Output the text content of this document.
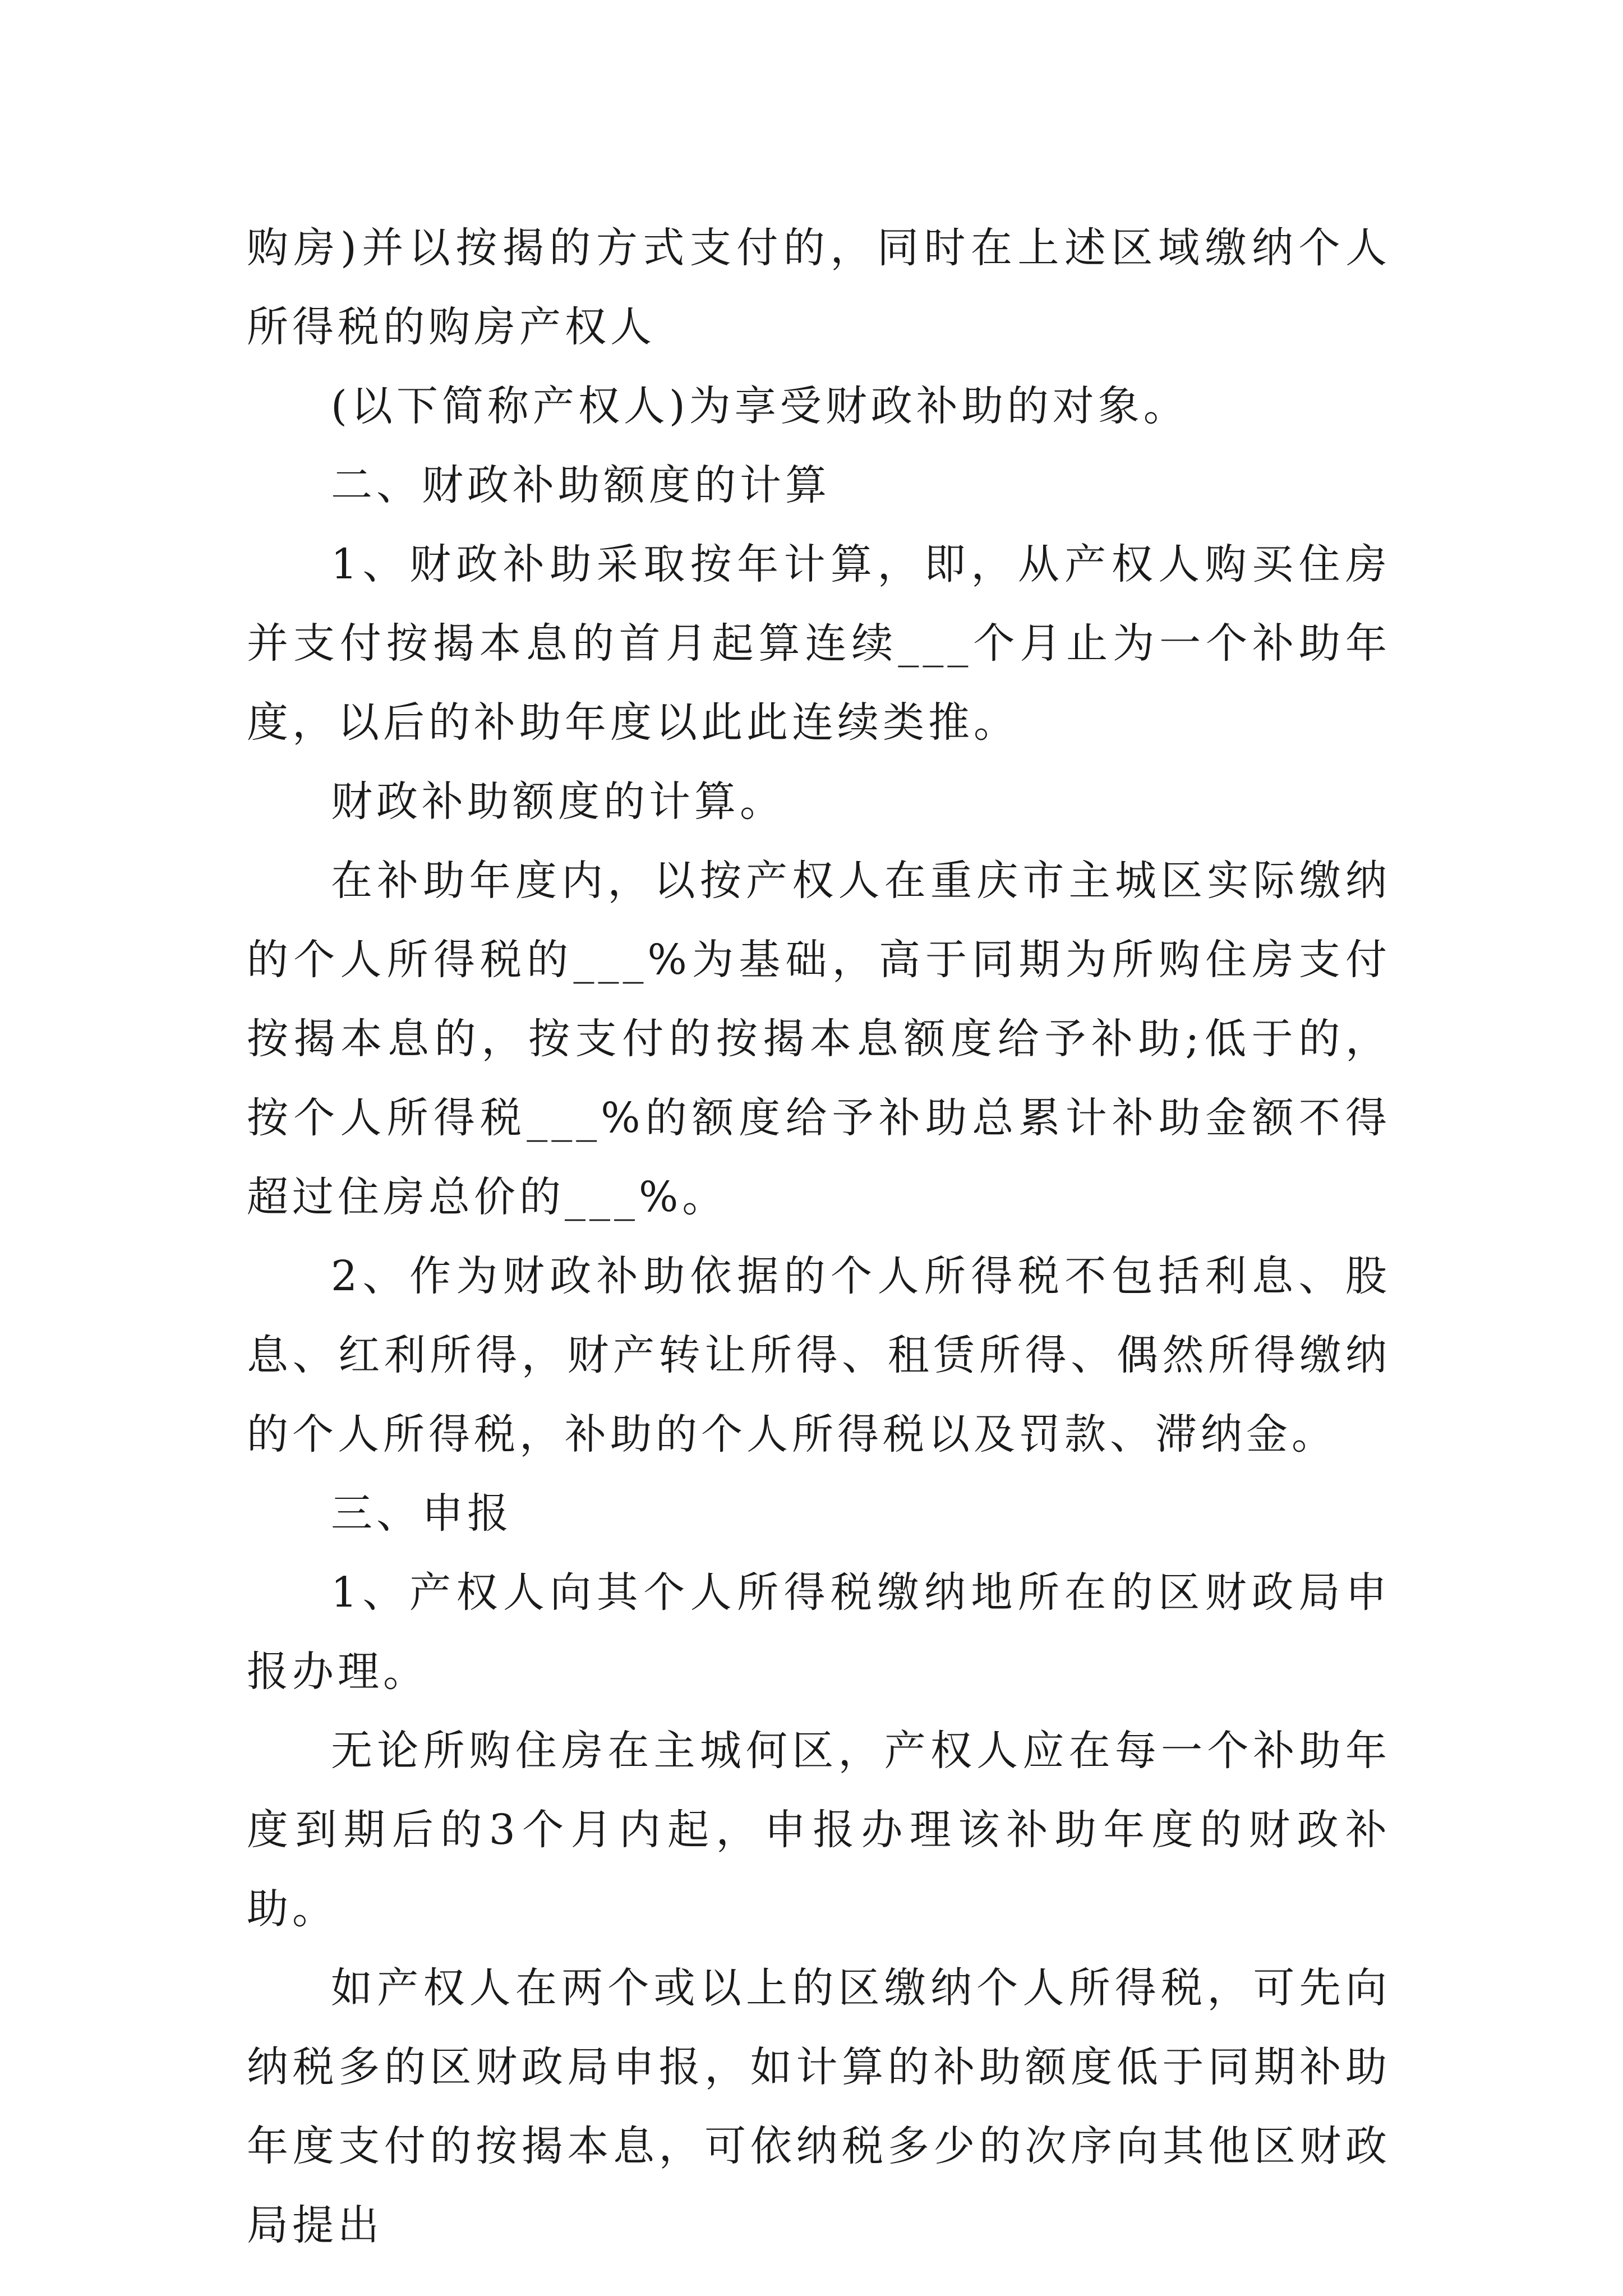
购房)并以按揭的方式支付的，同时在上述区域缴纳个人所得税的购房产权人

(以下简称产权人)为享受财政补助的对象。

二、财政补助额度的计算

1、财政补助采取按年计算，即，从产权人购买住房并支付按揭本息的首月起算连续___个月止为一个补助年度，以后的补助年度以此此连续类推。

财政补助额度的计算。

在补助年度内，以按产权人在重庆市主城区实际缴纳的个人所得税的___%为基础，高于同期为所购住房支付按揭本息的，按支付的按揭本息额度给予补助;低于的，按个人所得税___%的额度给予补助总累计补助金额不得超过住房总价的___%。

2、作为财政补助依据的个人所得税不包括利息、股息、红利所得，财产转让所得、租赁所得、偶然所得缴纳的个人所得税，补助的个人所得税以及罚款、滞纳金。

三、申报

1、产权人向其个人所得税缴纳地所在的区财政局申报办理。

无论所购住房在主城何区，产权人应在每一个补助年度到期后的3个月内起，申报办理该补助年度的财政补助。

如产权人在两个或以上的区缴纳个人所得税，可先向纳税多的区财政局申报，如计算的补助额度低于同期补助年度支付的按揭本息，可依纳税多少的次序向其他区财政局提出
